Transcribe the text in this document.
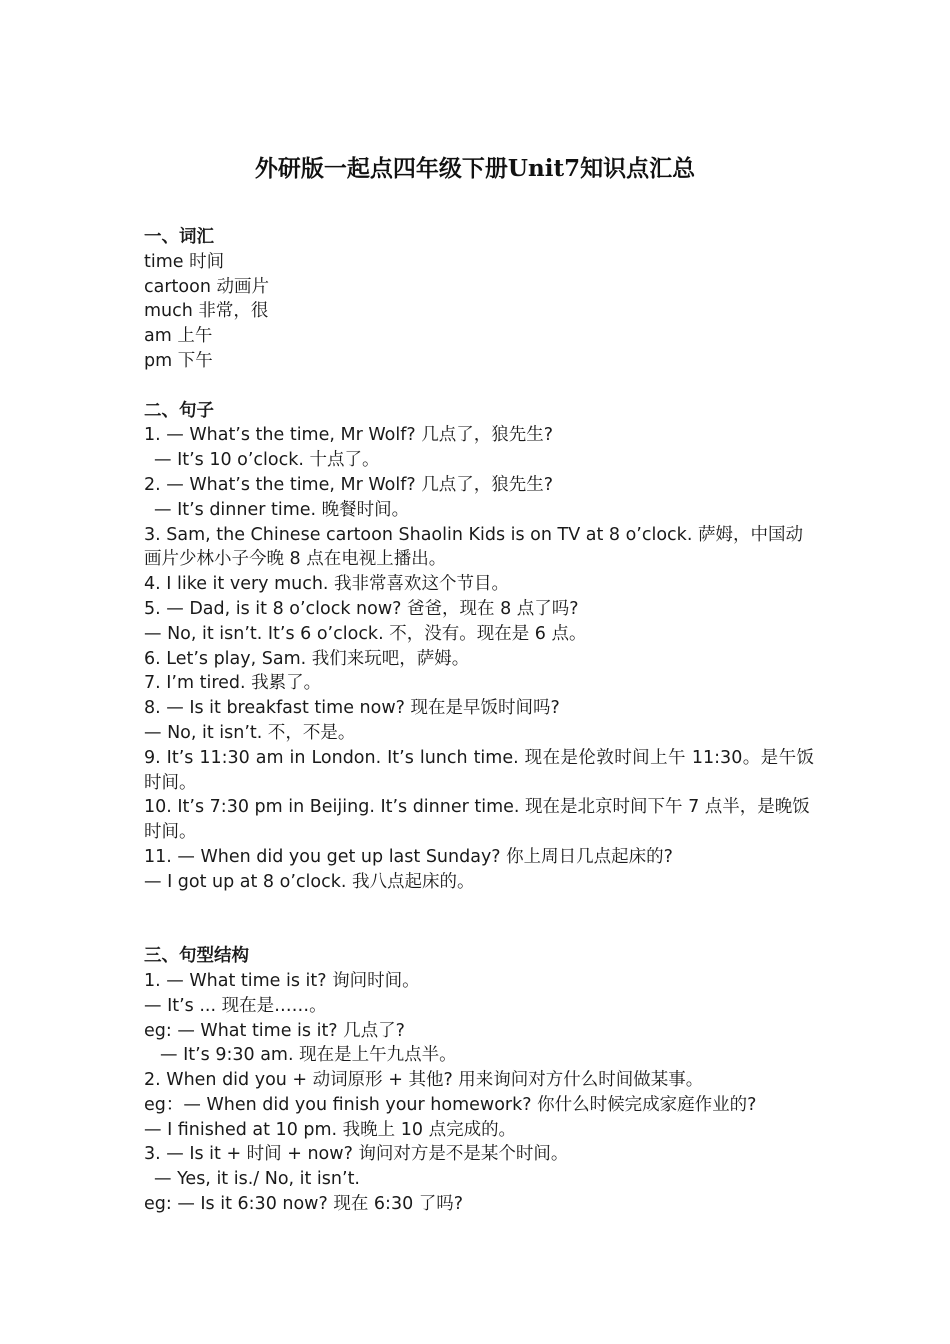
外研版一起点四年级下册Unit7知识点汇总
一、词汇
time 时间
cartoon 动画片
much 非常，很
am 上午
pm 下午
二、句子
1. — What’s the time, Mr Wolf? 几点了，狼先生?
— It’s 10 o’clock. 十点了。
2. — What’s the time, Mr Wolf? 几点了，狼先生?
— It’s dinner time. 晚餐时间。
3. Sam, the Chinese cartoon Shaolin Kids is on TV at 8 o’clock. 萨姆，中国动画片少林小子今晚 8 点在电视上播出。
4. I like it very much. 我非常喜欢这个节目。
5. — Dad, is it 8 o’clock now? 爸爸，现在 8 点了吗?
— No, it isn’t. It’s 6 o’clock. 不，没有。现在是 6 点。
6. Let’s play, Sam. 我们来玩吧，萨姆。
7. I’m tired. 我累了。
8. — Is it breakfast time now? 现在是早饭时间吗?
— No, it isn’t. 不，不是。
9. It’s 11:30 am in London. It’s lunch time. 现在是伦敦时间上午 11:30。是午饭时间。
10. It’s 7:30 pm in Beijing. It’s dinner time. 现在是北京时间下午 7 点半，是晚饭时间。
11. — When did you get up last Sunday? 你上周日几点起床的?
— I got up at 8 o’clock. 我八点起床的。
三、句型结构
1. — What time is it? 询问时间。
— It’s ... 现在是……。
eg: — What time is it? 几点了?
— It’s 9:30 am. 现在是上午九点半。
2. When did you + 动词原形 + 其他? 用来询问对方什么时间做某事。
eg：— When did you finish your homework? 你什么时候完成家庭作业的?
— I finished at 10 pm. 我晚上 10 点完成的。
3. — Is it + 时间 + now? 询问对方是不是某个时间。
— Yes, it is./ No, it isn’t.
eg: — Is it 6:30 now? 现在 6:30 了吗?
